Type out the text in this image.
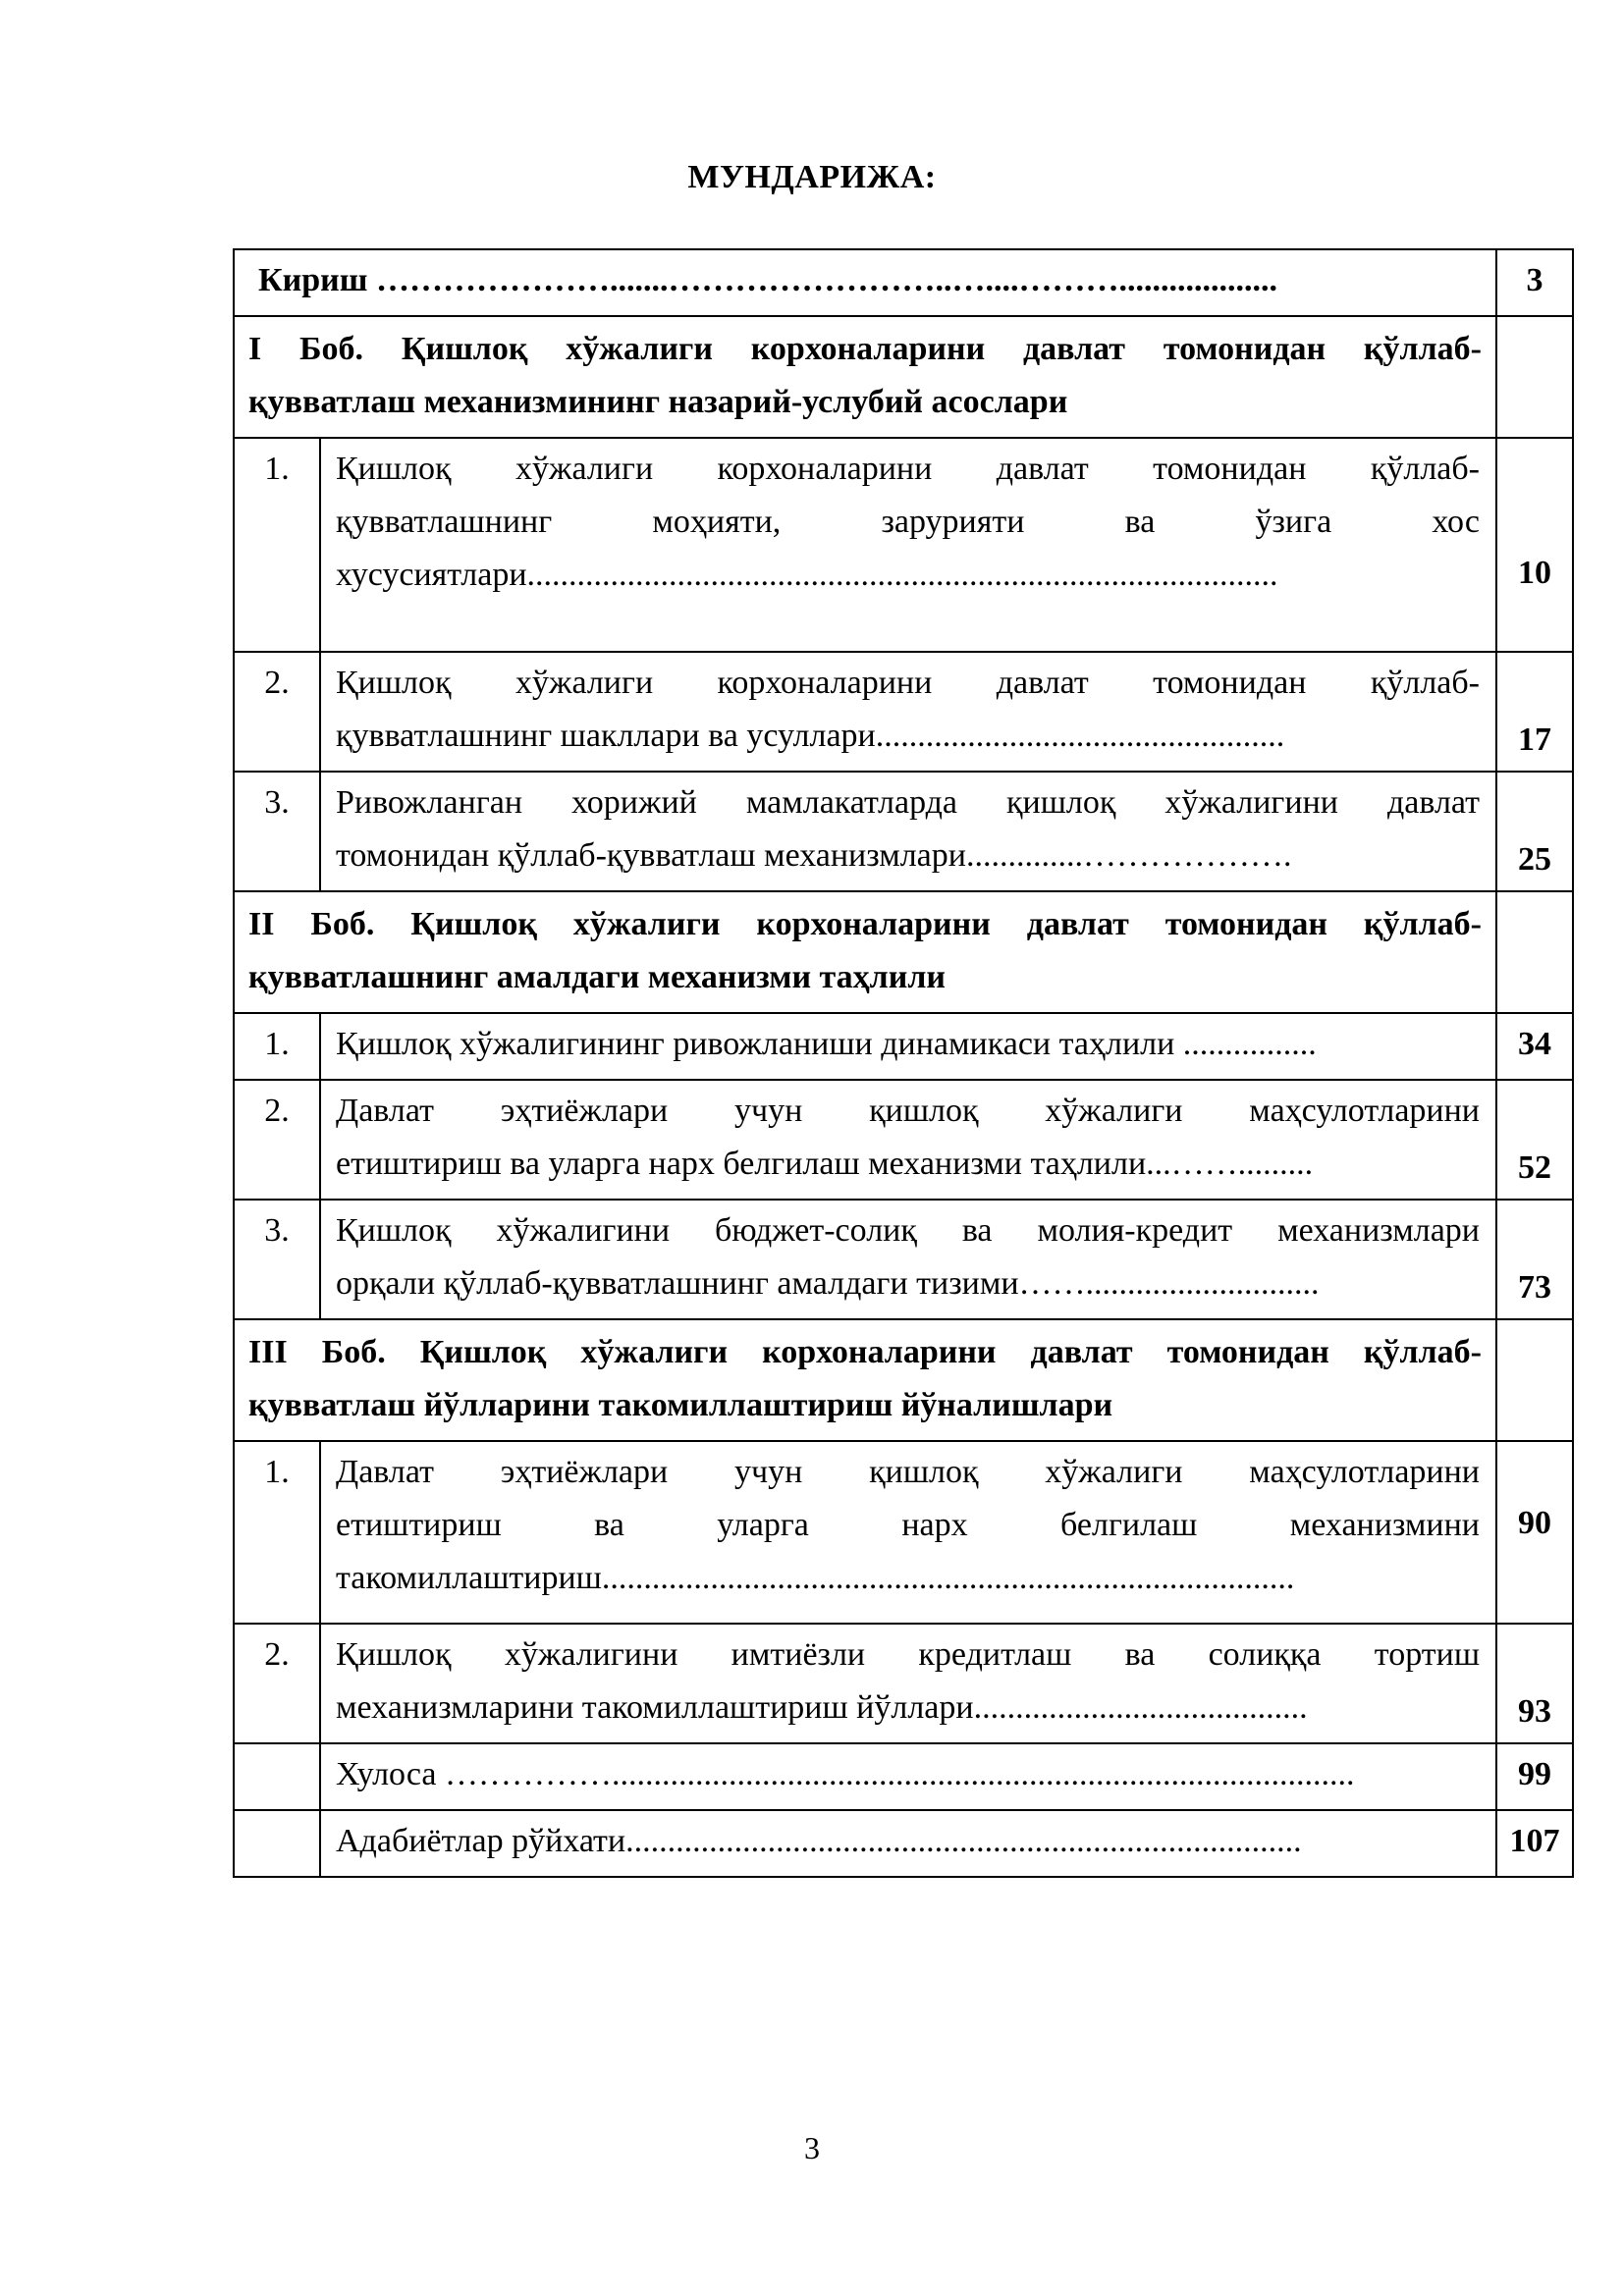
МУНДАРИЖА:
Кириш ………………….......……………………..…....………...................		3

I Боб. Қишлоқ хўжалиги корхоналарини давлат томонидан қўллаб-
қувватлаш механизмининг назарий-услубий асослари		

1.	Қишлоқ хўжалиги корхоналарини давлат томонидан қўллаб-
қувватлашнинг моҳияти, зарурияти ва ўзига хос
хусусиятлари..........................................................................................	10
2.	Қишлоқ хўжалиги корхоналарини давлат томонидан қўллаб-
қувватлашнинг шакллари ва усуллари.................................................	17
3.	Ривожланган хорижий мамлакатларда қишлоқ хўжалигини давлат
томонидан қўллаб-қувватлаш механизмлари..............……………….	25

II Боб. Қишлоқ хўжалиги корхоналарини давлат томонидан қўллаб-
қувватлашнинг амалдаги механизми таҳлили		

1.	Қишлоқ хўжалигининг ривожланиши динамикаси таҳлили ................	34
2.	Давлат эҳтиёжлари учун қишлоқ хўжалиги маҳсулотларини
етиштириш ва уларга нарх белгилаш механизми таҳлили...…….........	52
3.	Қишлоқ хўжалигини бюджет-солиқ ва молия-кредит механизмлари
орқали қўллаб-қувватлашнинг амалдаги тизими……............................	73

III Боб. Қишлоқ хўжалиги корхоналарини давлат томонидан қўллаб-
қувватлаш йўлларини такомиллаштириш йўналишлари		

1.	Давлат эҳтиёжлари учун қишлоқ хўжалиги маҳсулотларини
етиштириш ва уларга нарх белгилаш механизмини
такомиллаштириш...................................................................................	90
2.	Қишлоқ хўжалигини имтиёзли кредитлаш ва солиққа тортиш
механизмларини такомиллаштириш йўллари........................................	93

	Хулоса …………….........................................................................................	99

	Адабиётлар рўйхати.................................................................................	107
3
